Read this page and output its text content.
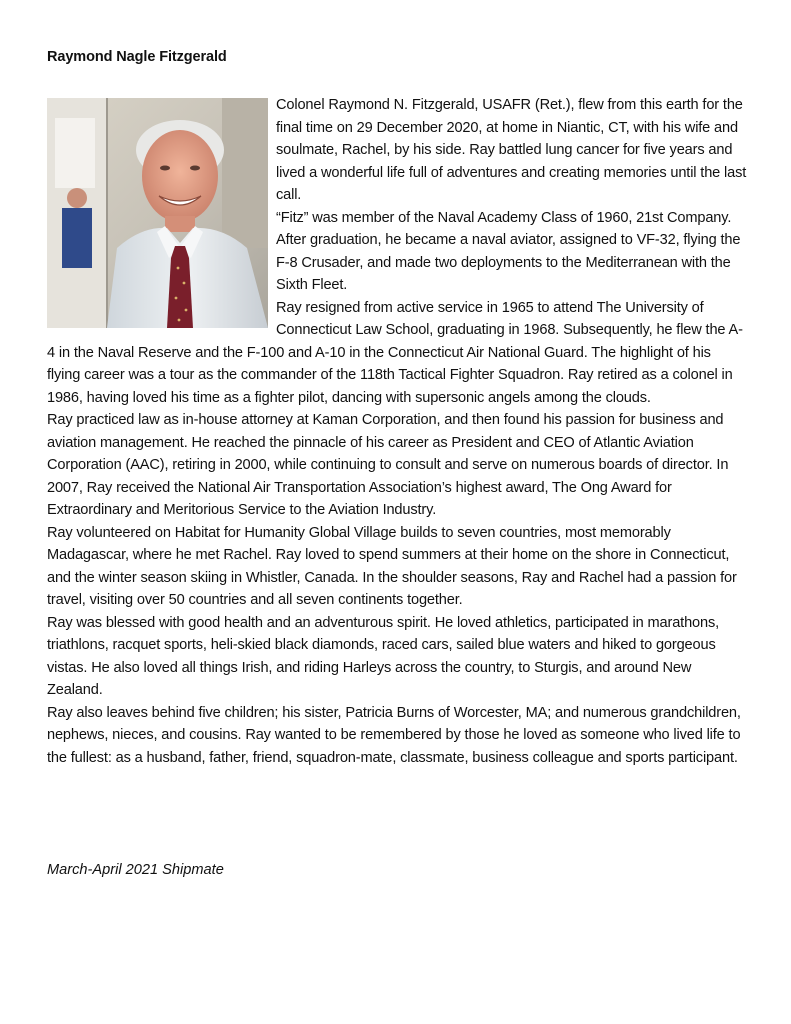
Raymond Nagle Fitzgerald

Colonel Raymond N. Fitzgerald, USAFR (Ret.), flew from this earth for the final time on 29 December 2020, at home in Niantic, CT, with his wife and soulmate, Rachel, by his side. Ray battled lung cancer for five years and lived a wonderful life full of adventures and creating memories until the last call.

“Fitz” was member of the Naval Academy Class of 1960, 21st Company. After graduation, he became a naval aviator, assigned to VF-32, flying the F-8 Crusader, and made two deployments to the Mediterranean with the Sixth Fleet.

Ray resigned from active service in 1965 to attend The University of Connecticut Law School, graduating in 1968. Subsequently, he flew the A-4 in the Naval Reserve and the F-100 and A-10 in the Connecticut Air National Guard. The highlight of his flying career was a tour as the commander of the 118th Tactical Fighter Squadron. Ray retired as a colonel in 1986, having loved his time as a fighter pilot, dancing with supersonic angels among the clouds.

Ray practiced law as in-house attorney at Kaman Corporation, and then found his passion for business and aviation management. He reached the pinnacle of his career as President and CEO of Atlantic Aviation Corporation (AAC), retiring in 2000, while continuing to consult and serve on numerous boards of director. In 2007, Ray received the National Air Transportation Association’s highest award, The Ong Award for Extraordinary and Meritorious Service to the Aviation Industry.

Ray volunteered on Habitat for Humanity Global Village builds to seven countries, most memorably Madagascar, where he met Rachel. Ray loved to spend summers at their home on the shore in Connecticut, and the winter season skiing in Whistler, Canada. In the shoulder seasons, Ray and Rachel had a passion for travel, visiting over 50 countries and all seven continents together.

Ray was blessed with good health and an adventurous spirit. He loved athletics, participated in marathons, triathlons, racquet sports, heli-skied black diamonds, raced cars, sailed blue waters and hiked to gorgeous vistas. He also loved all things Irish, and riding Harleys across the country, to Sturgis, and around New Zealand.

Ray also leaves behind five children; his sister, Patricia Burns of Worcester, MA; and numerous grandchildren, nephews, nieces, and cousins. Ray wanted to be remembered by those he loved as someone who lived life to the fullest: as a husband, father, friend, squadron-mate, classmate, business colleague and sports participant.

March-April 2021 Shipmate
